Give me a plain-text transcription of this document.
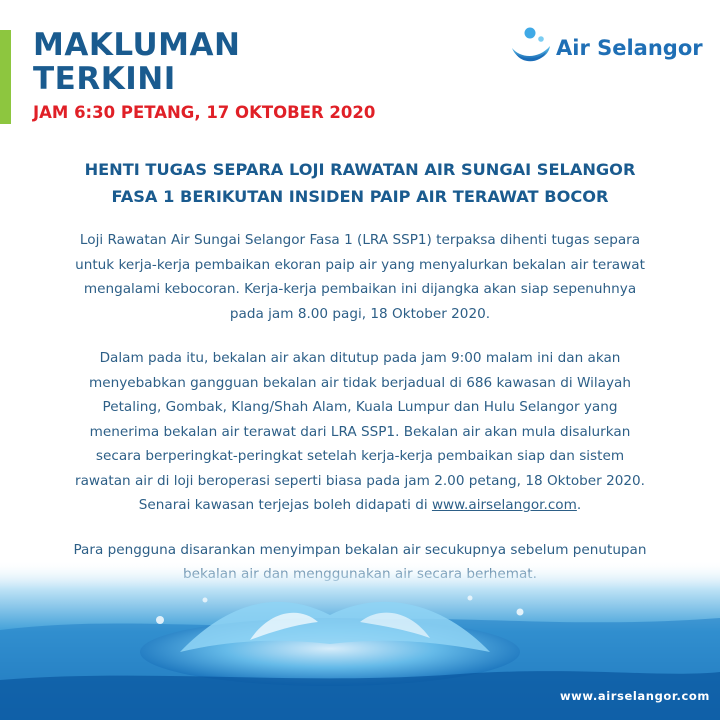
MAKLUMAN
TERKINI
JAM 6:30 PETANG, 17 OKTOBER 2020
Air Selangor
HENTI TUGAS SEPARA LOJI RAWATAN AIR SUNGAI SELANGOR
FASA 1 BERIKUTAN INSIDEN PAIP AIR TERAWAT BOCOR
Loji Rawatan Air Sungai Selangor Fasa 1 (LRA SSP1) terpaksa dihenti tugas separa
untuk kerja-kerja pembaikan ekoran paip air yang menyalurkan bekalan air terawat
mengalami kebocoran. Kerja-kerja pembaikan ini dijangka akan siap sepenuhnya
pada jam 8.00 pagi, 18 Oktober 2020.
Dalam pada itu, bekalan air akan ditutup pada jam 9:00 malam ini dan akan
menyebabkan gangguan bekalan air tidak berjadual di 686 kawasan di Wilayah
Petaling, Gombak, Klang/Shah Alam, Kuala Lumpur dan Hulu Selangor yang
menerima bekalan air terawat dari LRA SSP1. Bekalan air akan mula disalurkan
secara berperingkat-peringkat setelah kerja-kerja pembaikan siap dan sistem
rawatan air di loji beroperasi seperti biasa pada jam 2.00 petang, 18 Oktober 2020.
Senarai kawasan terjejas boleh didapati di www.airselangor.com.
Para pengguna disarankan menyimpan bekalan air secukupnya sebelum penutupan
www.airselangor.com
